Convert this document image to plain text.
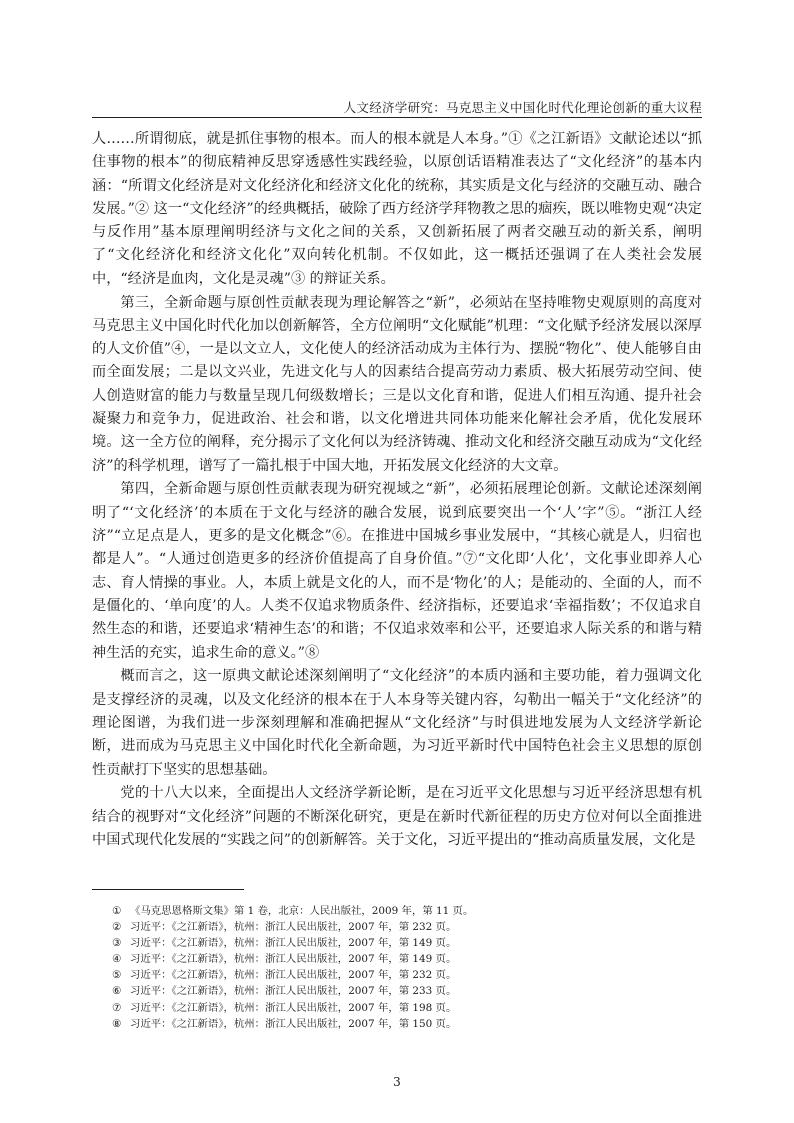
人文经济学研究：马克思主义中国化时代化理论创新的重大议程

人……所谓彻底，就是抓住事物的根本。而人的根本就是人本身。”①《之江新语》文献论述以“抓住事物的根本”的彻底精神反思穿透感性实践经验，以原创话语精准表达了“文化经济”的基本内涵：“所谓文化经济是对文化经济化和经济文化化的统称，其实质是文化与经济的交融互动、融合发展。”② 这一“文化经济”的经典概括，破除了西方经济学拜物教之思的痼疾，既以唯物史观“决定与反作用”基本原理阐明经济与文化之间的关系，又创新拓展了两者交融互动的新关系，阐明了“文化经济化和经济文化化”双向转化机制。不仅如此，这一概括还强调了在人类社会发展中，“经济是血肉，文化是灵魂”③ 的辩证关系。

第三，全新命题与原创性贡献表现为理论解答之“新”，必须站在坚持唯物史观原则的高度对马克思主义中国化时代化加以创新解答，全方位阐明“文化赋能”机理：“文化赋予经济发展以深厚的人文价值”④，一是以文立人，文化使人的经济活动成为主体行为、摆脱“物化”、使人能够自由而全面发展；二是以文兴业，先进文化与人的因素结合提高劳动力素质、极大拓展劳动空间、使人创造财富的能力与数量呈现几何级数增长；三是以文化育和谐，促进人们相互沟通、提升社会凝聚力和竞争力，促进政治、社会和谐，以文化增进共同体功能来化解社会矛盾，优化发展环境。这一全方位的阐释，充分揭示了文化何以为经济铸魂、推动文化和经济交融互动成为“文化经济”的科学机理，谱写了一篇扎根于中国大地，开拓发展文化经济的大文章。

第四，全新命题与原创性贡献表现为研究视域之“新”，必须拓展理论创新。文献论述深刻阐明了“‘文化经济’的本质在于文化与经济的融合发展，说到底要突出一个‘人’字”⑤。“浙江人经济”“立足点是人，更多的是文化概念”⑥。在推进中国城乡事业发展中，“其核心就是人，归宿也都是人”。“人通过创造更多的经济价值提高了自身价值。”⑦“文化即‘人化’，文化事业即养人心志、育人情操的事业。人，本质上就是文化的人，而不是‘物化’的人；是能动的、全面的人，而不是僵化的、‘单向度’的人。人类不仅追求物质条件、经济指标，还要追求‘幸福指数’；不仅追求自然生态的和谐，还要追求‘精神生态’的和谐；不仅追求效率和公平，还要追求人际关系的和谐与精神生活的充实，追求生命的意义。”⑧

概而言之，这一原典文献论述深刻阐明了“文化经济”的本质内涵和主要功能，着力强调文化是支撑经济的灵魂，以及文化经济的根本在于人本身等关键内容，勾勒出一幅关于“文化经济”的理论图谱，为我们进一步深刻理解和准确把握从“文化经济”与时俱进地发展为人文经济学新论断，进而成为马克思主义中国化时代化全新命题，为习近平新时代中国特色社会主义思想的原创性贡献打下坚实的思想基础。

党的十八大以来，全面提出人文经济学新论断，是在习近平文化思想与习近平经济思想有机结合的视野对“文化经济”问题的不断深化研究，更是在新时代新征程的历史方位对何以全面推进中国式现代化发展的“实践之问”的创新解答。关于文化，习近平提出的“推动高质量发展，文化是

① 《马克思恩格斯文集》第 1 卷，北京：人民出版社，2009 年，第 11 页。
② 习近平：《之江新语》，杭州：浙江人民出版社，2007 年，第 232 页。
③ 习近平：《之江新语》，杭州：浙江人民出版社，2007 年，第 149 页。
④ 习近平：《之江新语》，杭州：浙江人民出版社，2007 年，第 149 页。
⑤ 习近平：《之江新语》，杭州：浙江人民出版社，2007 年，第 232 页。
⑥ 习近平：《之江新语》，杭州：浙江人民出版社，2007 年，第 233 页。
⑦ 习近平：《之江新语》，杭州：浙江人民出版社，2007 年，第 198 页。
⑧ 习近平：《之江新语》，杭州：浙江人民出版社，2007 年，第 150 页。
3
